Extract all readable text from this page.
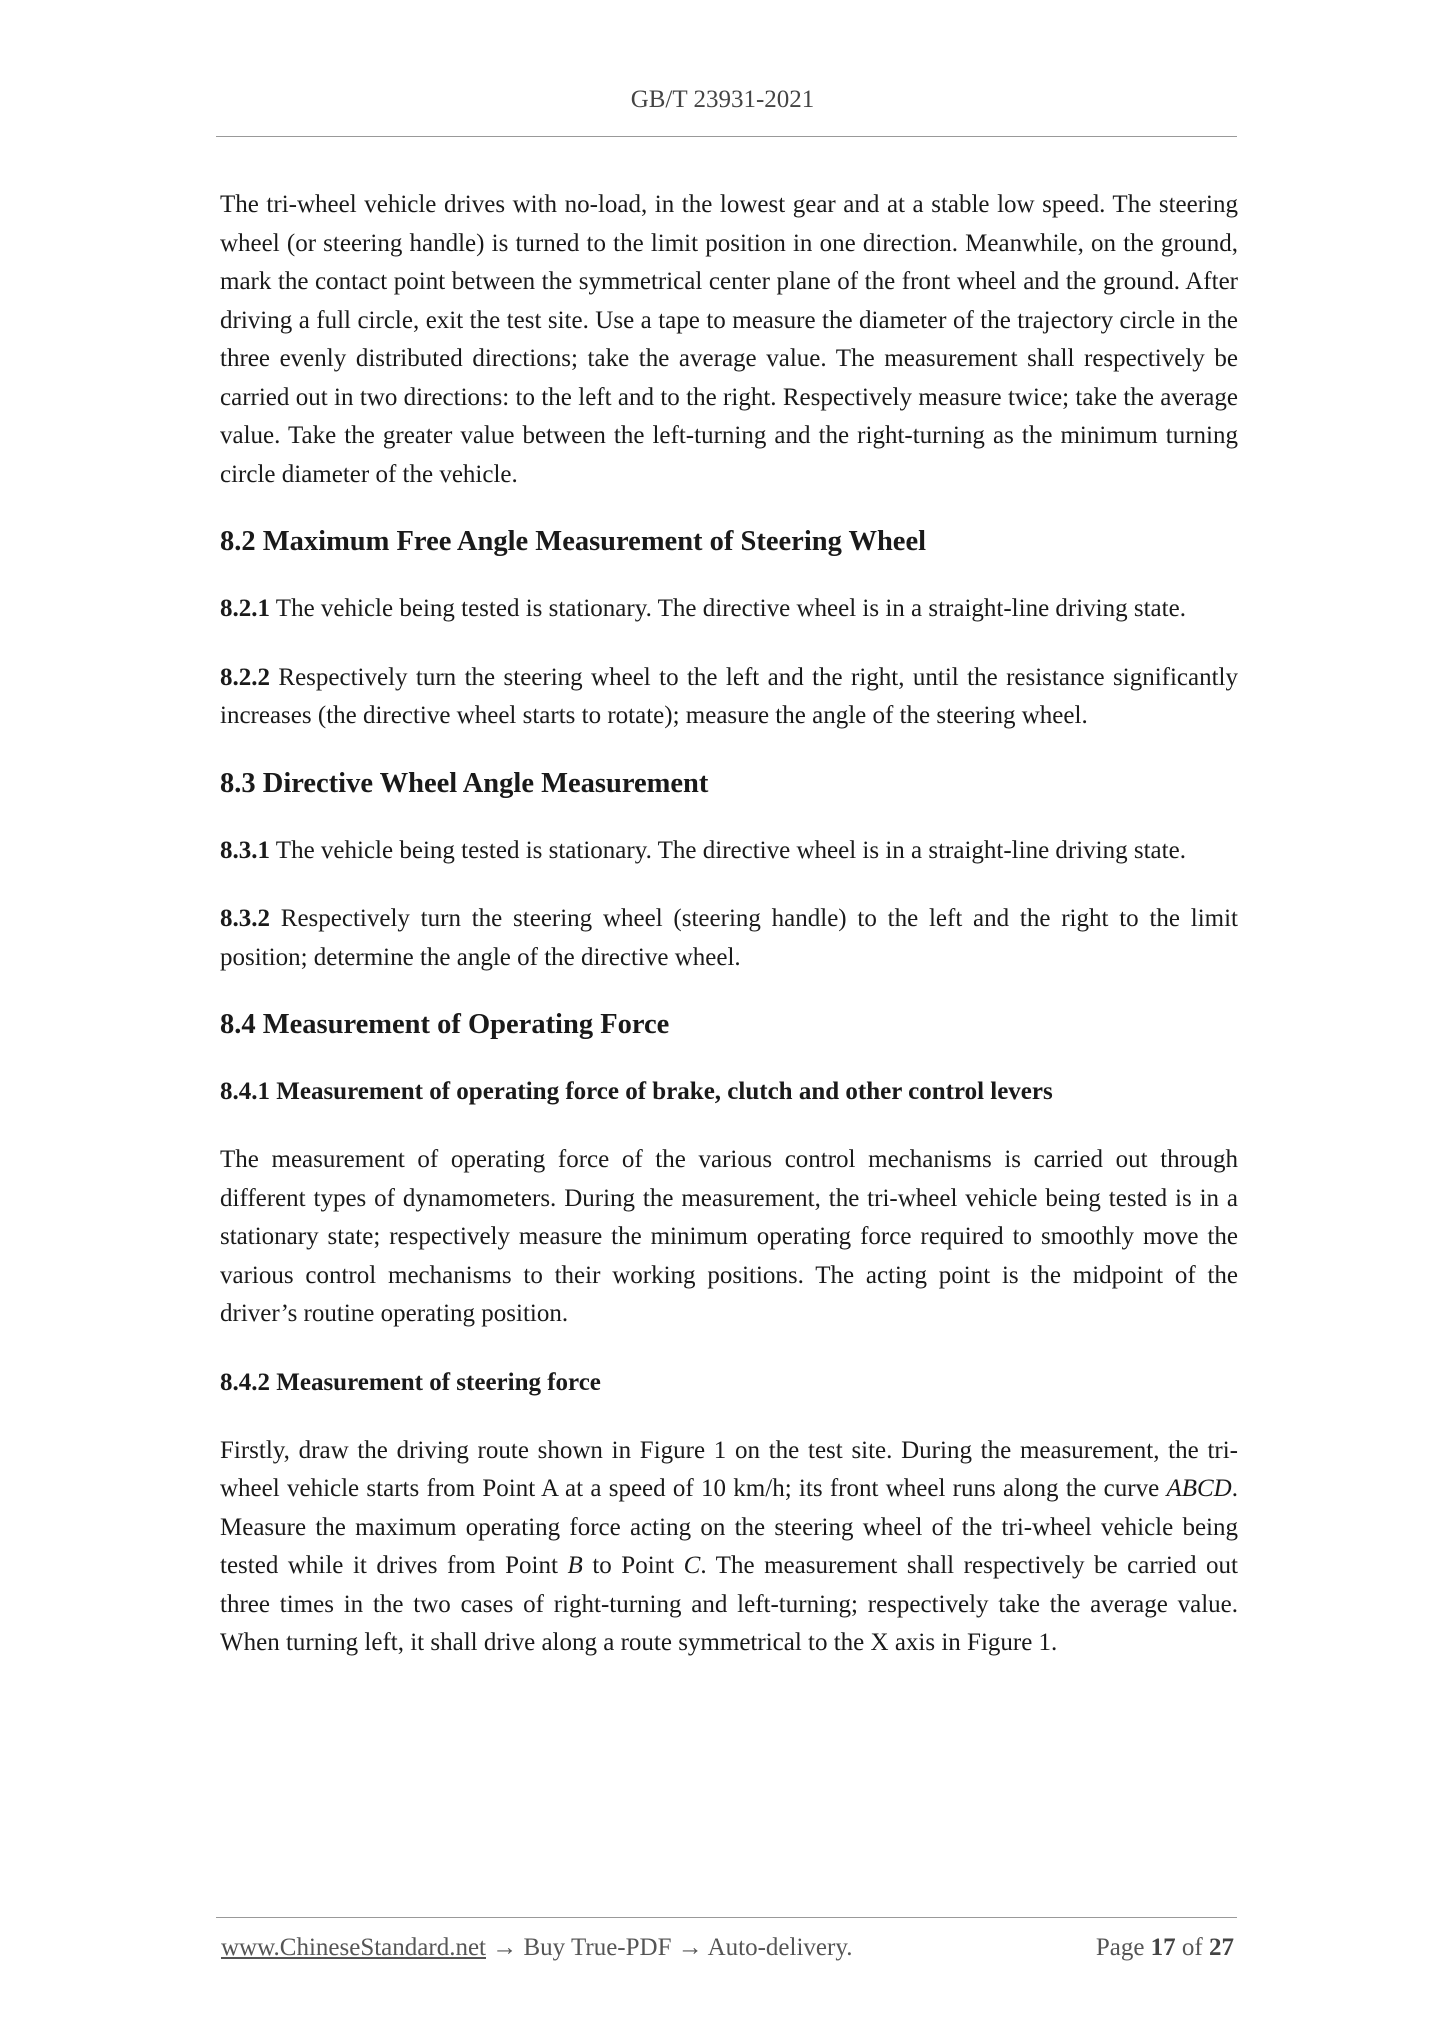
GB/T 23931-2021

The tri-wheel vehicle drives with no-load, in the lowest gear and at a stable low speed. The steering wheel (or steering handle) is turned to the limit position in one direction. Meanwhile, on the ground, mark the contact point between the symmetrical center plane of the front wheel and the ground. After driving a full circle, exit the test site. Use a tape to measure the diameter of the trajectory circle in the three evenly distributed directions; take the average value. The measurement shall respectively be carried out in two directions: to the left and to the right. Respectively measure twice; take the average value. Take the greater value between the left-turning and the right-turning as the minimum turning circle diameter of the vehicle.

8.2 Maximum Free Angle Measurement of Steering Wheel

8.2.1 The vehicle being tested is stationary. The directive wheel is in a straight-line driving state.

8.2.2 Respectively turn the steering wheel to the left and the right, until the resistance significantly increases (the directive wheel starts to rotate); measure the angle of the steering wheel.

8.3 Directive Wheel Angle Measurement

8.3.1 The vehicle being tested is stationary. The directive wheel is in a straight-line driving state.

8.3.2 Respectively turn the steering wheel (steering handle) to the left and the right to the limit position; determine the angle of the directive wheel.

8.4 Measurement of Operating Force
8.4.1 Measurement of operating force of brake, clutch and other control levers

The measurement of operating force of the various control mechanisms is carried out through different types of dynamometers. During the measurement, the tri-wheel vehicle being tested is in a stationary state; respectively measure the minimum operating force required to smoothly move the various control mechanisms to their working positions. The acting point is the midpoint of the driver’s routine operating position.

8.4.2 Measurement of steering force

Firstly, draw the driving route shown in Figure 1 on the test site. During the measurement, the tri-wheel vehicle starts from Point A at a speed of 10 km/h; its front wheel runs along the curve ABCD. Measure the maximum operating force acting on the steering wheel of the tri-wheel vehicle being tested while it drives from Point B to Point C. The measurement shall respectively be carried out three times in the two cases of right-turning and left-turning; respectively take the average value. When turning left, it shall drive along a route symmetrical to the X axis in Figure 1.

www.ChineseStandard.net → Buy True-PDF → Auto-delivery.	Page 17 of 27
